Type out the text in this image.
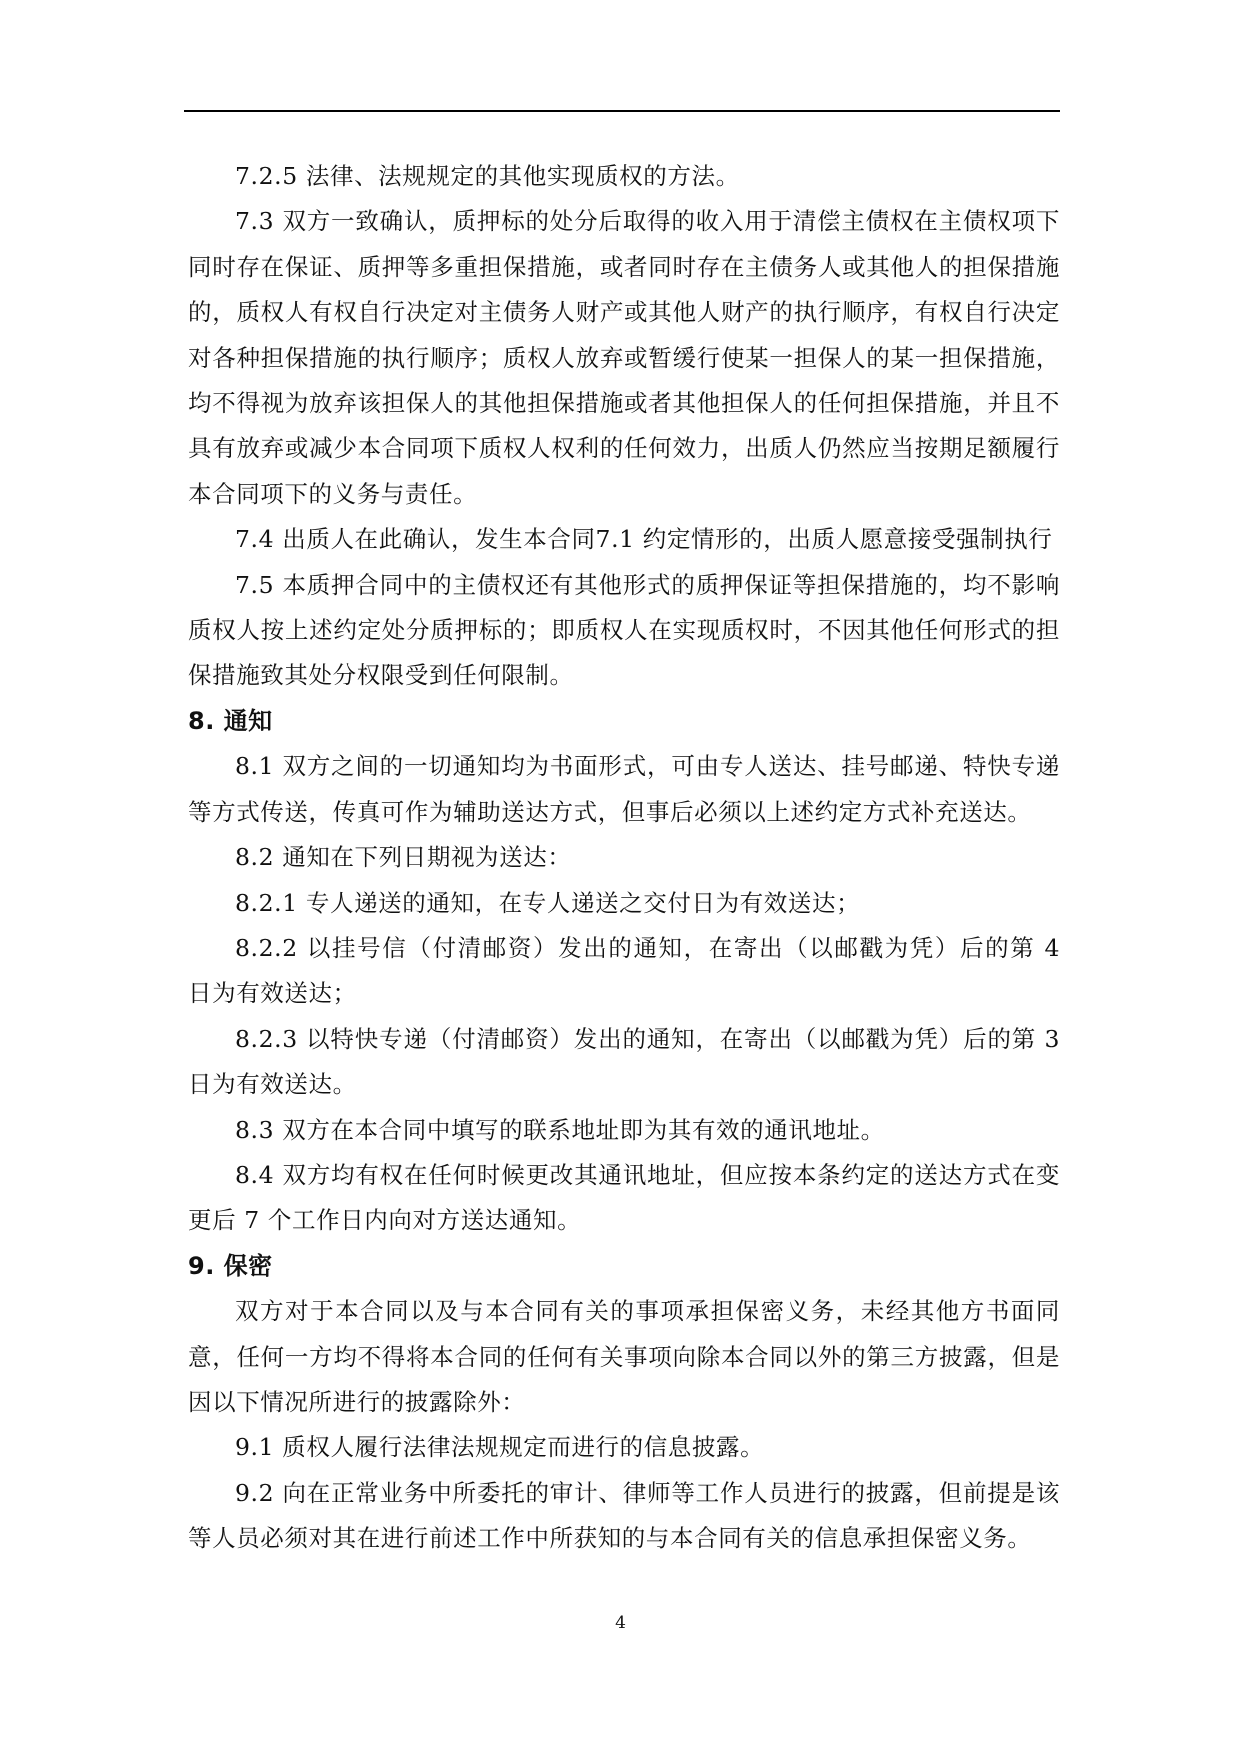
7.2.5 法律、法规规定的其他实现质权的方法。

7.3 双方一致确认，质押标的处分后取得的收入用于清偿主债权在主债权项下同时存在保证、质押等多重担保措施，或者同时存在主债务人或其他人的担保措施的，质权人有权自行决定对主债务人财产或其他人财产的执行顺序，有权自行决定对各种担保措施的执行顺序；质权人放弃或暂缓行使某一担保人的某一担保措施，均不得视为放弃该担保人的其他担保措施或者其他担保人的任何担保措施，并且不具有放弃或减少本合同项下质权人权利的任何效力，出质人仍然应当按期足额履行本合同项下的义务与责任。

7.4 出质人在此确认，发生本合同7.1 约定情形的，出质人愿意接受强制执行

7.5 本质押合同中的主债权还有其他形式的质押保证等担保措施的，均不影响质权人按上述约定处分质押标的；即质权人在实现质权时，不因其他任何形式的担保措施致其处分权限受到任何限制。

8. 通知

8.1 双方之间的一切通知均为书面形式，可由专人送达、挂号邮递、特快专递等方式传送，传真可作为辅助送达方式，但事后必须以上述约定方式补充送达。

8.2 通知在下列日期视为送达：

8.2.1 专人递送的通知，在专人递送之交付日为有效送达；

8.2.2 以挂号信（付清邮资）发出的通知，在寄出（以邮戳为凭）后的第 4 日为有效送达；

8.2.3 以特快专递（付清邮资）发出的通知，在寄出（以邮戳为凭）后的第 3 日为有效送达。

8.3 双方在本合同中填写的联系地址即为其有效的通讯地址。

8.4 双方均有权在任何时候更改其通讯地址，但应按本条约定的送达方式在变更后 7 个工作日内向对方送达通知。

9. 保密

双方对于本合同以及与本合同有关的事项承担保密义务，未经其他方书面同意，任何一方均不得将本合同的任何有关事项向除本合同以外的第三方披露，但是因以下情况所进行的披露除外：

9.1 质权人履行法律法规规定而进行的信息披露。

9.2 向在正常业务中所委托的审计、律师等工作人员进行的披露，但前提是该等人员必须对其在进行前述工作中所获知的与本合同有关的信息承担保密义务。

4
